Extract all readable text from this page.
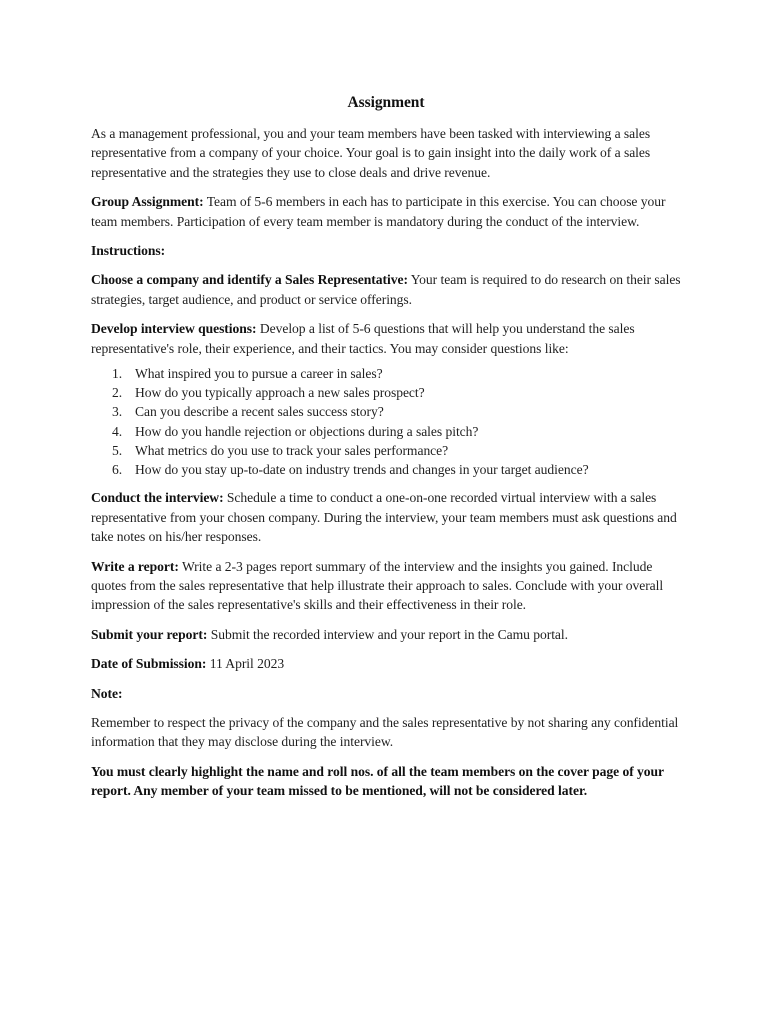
Assignment

As a management professional, you and your team members have been tasked with interviewing a sales representative from a company of your choice. Your goal is to gain insight into the daily work of a sales representative and the strategies they use to close deals and drive revenue.

Group Assignment: Team of 5-6 members in each has to participate in this exercise. You can choose your team members. Participation of every team member is mandatory during the conduct of the interview.

Instructions:

Choose a company and identify a Sales Representative: Your team is required to do research on their sales strategies, target audience, and product or service offerings.

Develop interview questions: Develop a list of 5-6 questions that will help you understand the sales representative's role, their experience, and their tactics. You may consider questions like:

1. What inspired you to pursue a career in sales?
2. How do you typically approach a new sales prospect?
3. Can you describe a recent sales success story?
4. How do you handle rejection or objections during a sales pitch?
5. What metrics do you use to track your sales performance?
6. How do you stay up-to-date on industry trends and changes in your target audience?

Conduct the interview: Schedule a time to conduct a one-on-one recorded virtual interview with a sales representative from your chosen company. During the interview, your team members must ask questions and take notes on his/her responses.

Write a report: Write a 2-3 pages report summary of the interview and the insights you gained. Include quotes from the sales representative that help illustrate their approach to sales. Conclude with your overall impression of the sales representative's skills and their effectiveness in their role.

Submit your report: Submit the recorded interview and your report in the Camu portal.

Date of Submission: 11 April 2023

Note:

Remember to respect the privacy of the company and the sales representative by not sharing any confidential information that they may disclose during the interview.

You must clearly highlight the name and roll nos. of all the team members on the cover page of your report. Any member of your team missed to be mentioned, will not be considered later.
